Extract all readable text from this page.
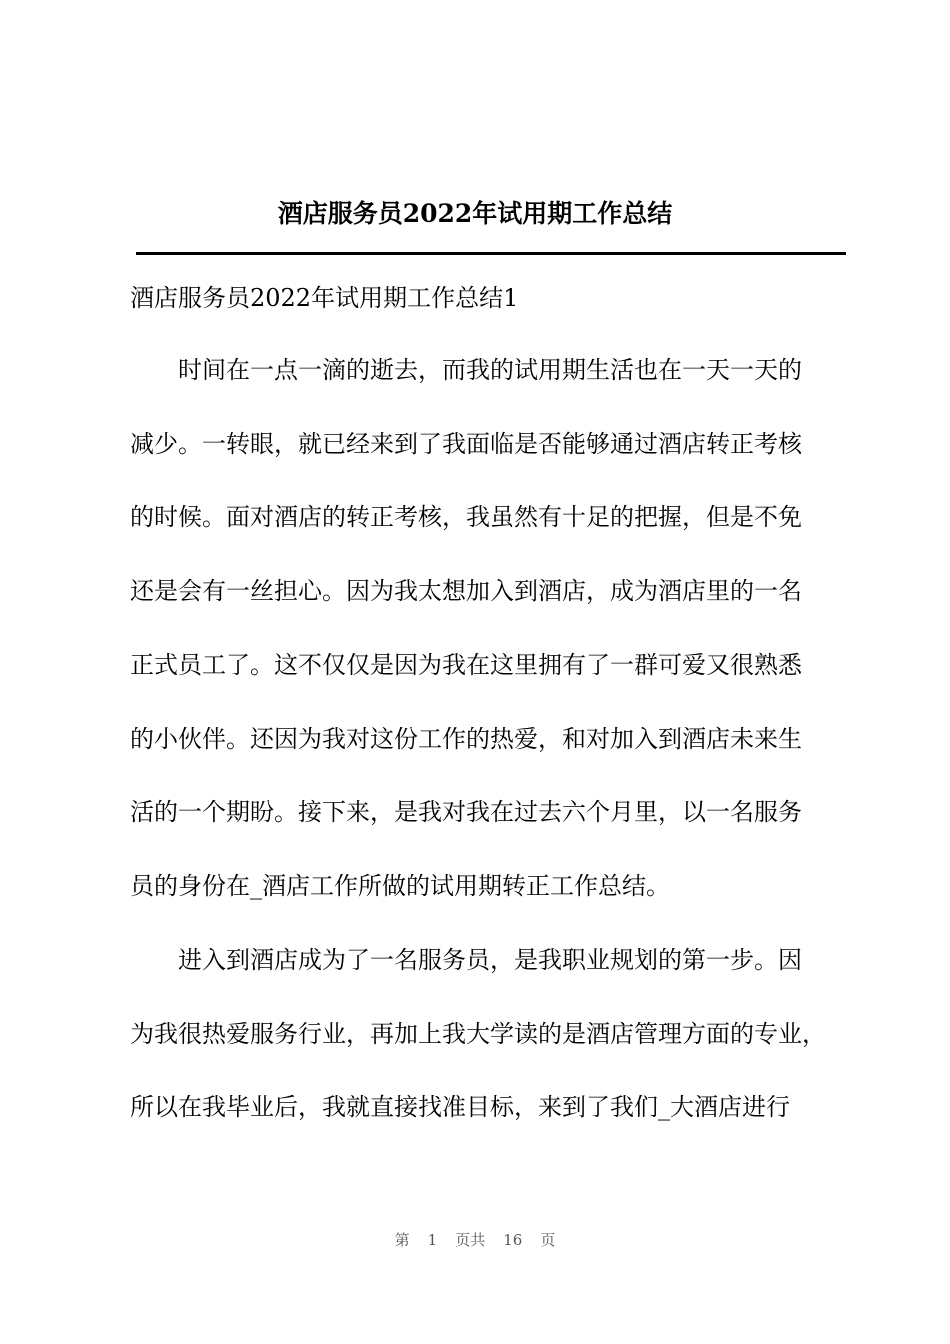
酒店服务员2022年试用期工作总结
酒店服务员2022年试用期工作总结1
时间在一点一滴的逝去，而我的试用期生活也在一天一天的
减少。一转眼，就已经来到了我面临是否能够通过酒店转正考核
的时候。面对酒店的转正考核，我虽然有十足的把握，但是不免
还是会有一丝担心。因为我太想加入到酒店，成为酒店里的一名
正式员工了。这不仅仅是因为我在这里拥有了一群可爱又很熟悉
的小伙伴。还因为我对这份工作的热爱，和对加入到酒店未来生
活的一个期盼。接下来，是我对我在过去六个月里，以一名服务
员的身份在_酒店工作所做的试用期转正工作总结。
进入到酒店成为了一名服务员，是我职业规划的第一步。因
为我很热爱服务行业，再加上我大学读的是酒店管理方面的专业，
所以在我毕业后，我就直接找准目标，来到了我们_大酒店进行
第 1 页共 16 页
